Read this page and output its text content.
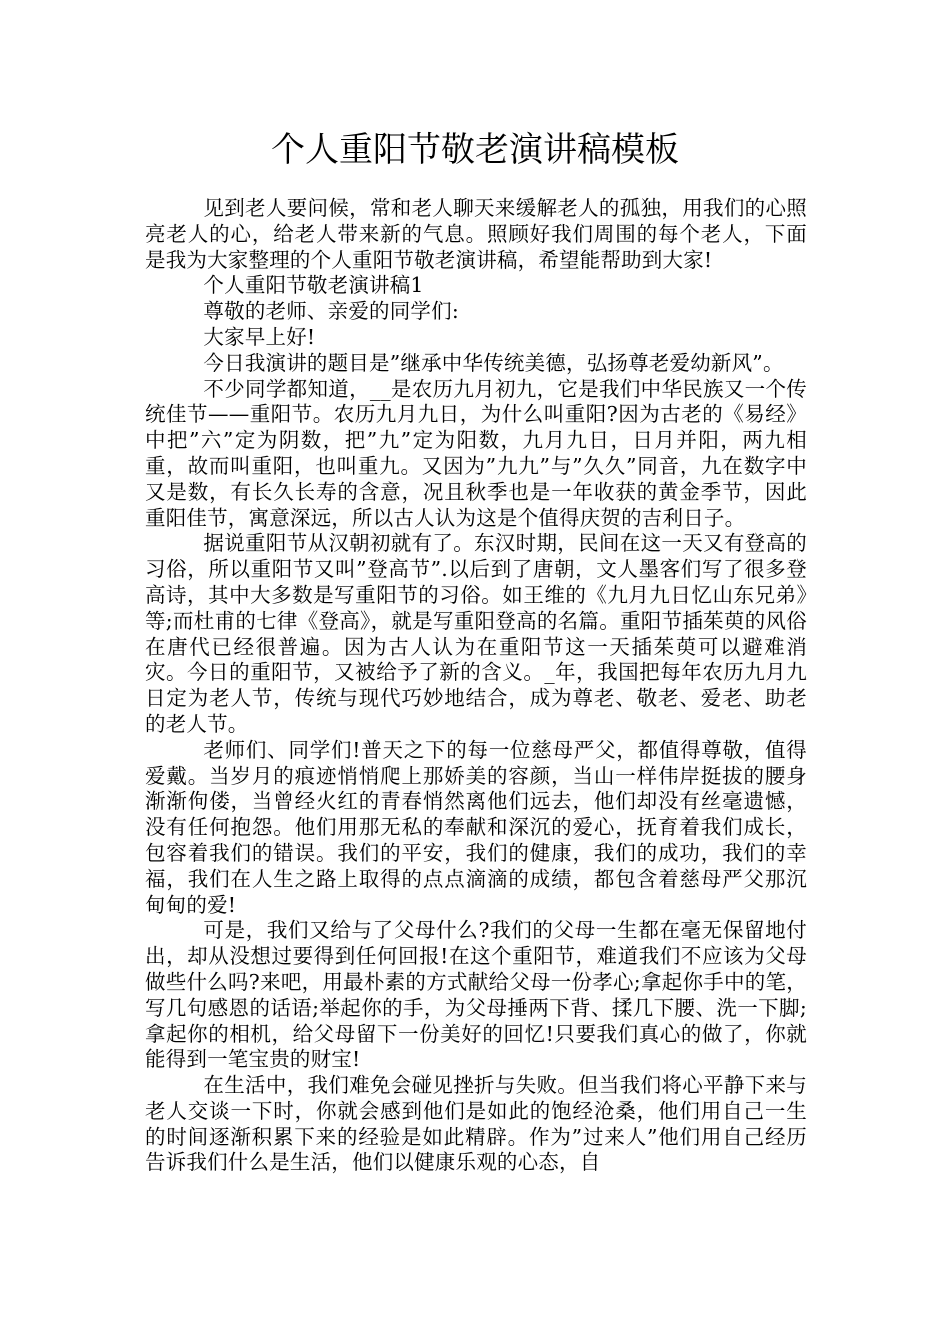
个人重阳节敬老演讲稿模板

见到老人要问候，常和老人聊天来缓解老人的孤独，用我们的心照亮老人的心，给老人带来新的气息。照顾好我们周围的每个老人，下面是我为大家整理的个人重阳节敬老演讲稿，希望能帮助到大家!

个人重阳节敬老演讲稿1

尊敬的老师、亲爱的同学们:

大家早上好!

今日我演讲的题目是”继承中华传统美德，弘扬尊老爱幼新风”。

不少同学都知道，__是农历九月初九，它是我们中华民族又一个传统佳节——重阳节。农历九月九日，为什么叫重阳?因为古老的《易经》中把”六”定为阴数，把”九”定为阳数，九月九日，日月并阳，两九相重，故而叫重阳，也叫重九。又因为”九九”与”久久”同音，九在数字中又是数，有长久长寿的含意，况且秋季也是一年收获的黄金季节，因此重阳佳节，寓意深远，所以古人认为这是个值得庆贺的吉利日子。

据说重阳节从汉朝初就有了。东汉时期，民间在这一天又有登高的习俗，所以重阳节又叫”登高节”.以后到了唐朝，文人墨客们写了很多登高诗，其中大多数是写重阳节的习俗。如王维的《九月九日忆山东兄弟》等;而杜甫的七律《登高》，就是写重阳登高的名篇。重阳节插茱萸的风俗在唐代已经很普遍。因为古人认为在重阳节这一天插茱萸可以避难消灾。今日的重阳节，又被给予了新的含义。_年，我国把每年农历九月九日定为老人节，传统与现代巧妙地结合，成为尊老、敬老、爱老、助老的老人节。

老师们、同学们!普天之下的每一位慈母严父，都值得尊敬，值得爱戴。当岁月的痕迹悄悄爬上那娇美的容颜，当山一样伟岸挺拔的腰身渐渐佝偻，当曾经火红的青春悄然离他们远去，他们却没有丝毫遗憾，没有任何抱怨。他们用那无私的奉献和深沉的爱心，抚育着我们成长，包容着我们的错误。我们的平安，我们的健康，我们的成功，我们的幸福，我们在人生之路上取得的点点滴滴的成绩，都包含着慈母严父那沉甸甸的爱!

可是，我们又给与了父母什么?我们的父母一生都在毫无保留地付出，却从没想过要得到任何回报!在这个重阳节，难道我们不应该为父母做些什么吗?来吧，用最朴素的方式献给父母一份孝心;拿起你手中的笔，写几句感恩的话语;举起你的手，为父母捶两下背、揉几下腰、洗一下脚;拿起你的相机，给父母留下一份美好的回忆!只要我们真心的做了，你就能得到一笔宝贵的财宝!

在生活中，我们难免会碰见挫折与失败。但当我们将心平静下来与老人交谈一下时，你就会感到他们是如此的饱经沧桑，他们用自己一生的时间逐渐积累下来的经验是如此精辟。作为”过来人”他们用自己经历告诉我们什么是生活，他们以健康乐观的心态，自
